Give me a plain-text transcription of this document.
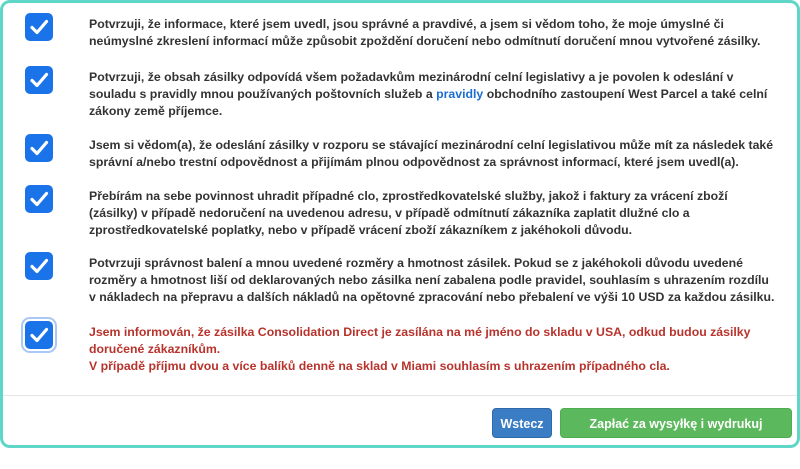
Potvrzuji, že informace, které jsem uvedl, jsou správné a pravdivé, a jsem si vědom toho, že moje úmyslné či neúmyslné zkreslení informací může způsobit zpoždění doručení nebo odmítnutí doručení mnou vytvořené zásilky.
Potvrzuji, že obsah zásilky odpovídá všem požadavkům mezinárodní celní legislativy a je povolen k odeslání v souladu s pravidly mnou používaných poštovních služeb a pravidly obchodního zastoupení West Parcel a také celní zákony země příjemce.
Jsem si vědom(a), že odeslání zásilky v rozporu se stávající mezinárodní celní legislativou může mít za následek také správní a/nebo trestní odpovědnost a přijímám plnou odpovědnost za správnost informací, které jsem uvedl(a).
Přebírám na sebe povinnost uhradit případné clo, zprostředkovatelské služby, jakož i faktury za vrácení zboží (zásilky) v případě nedoručení na uvedenou adresu, v případě odmítnutí zákazníka zaplatit dlužné clo a zprostředkovatelské poplatky, nebo v případě vrácení zboží zákazníkem z jakéhokoli důvodu.
Potvrzuji správnost balení a mnou uvedené rozměry a hmotnost zásilek. Pokud se z jakéhokoli důvodu uvedené rozměry a hmotnost liší od deklarovaných nebo zásilka není zabalena podle pravidel, souhlasím s uhrazením rozdílu v nákladech na přepravu a dalších nákladů na opětovné zpracování nebo přebalení ve výši 10 USD za každou zásilku.
Jsem informován, že zásilka Consolidation Direct je zasílána na mé jméno do skladu v USA, odkud budou zásilky doručené zákazníkům.
V případě příjmu dvou a více balíků denně na sklad v Miami souhlasím s uhrazením případného cla.
Wstecz	Zapłać za wysyłkę i wydrukuj dokumenty
